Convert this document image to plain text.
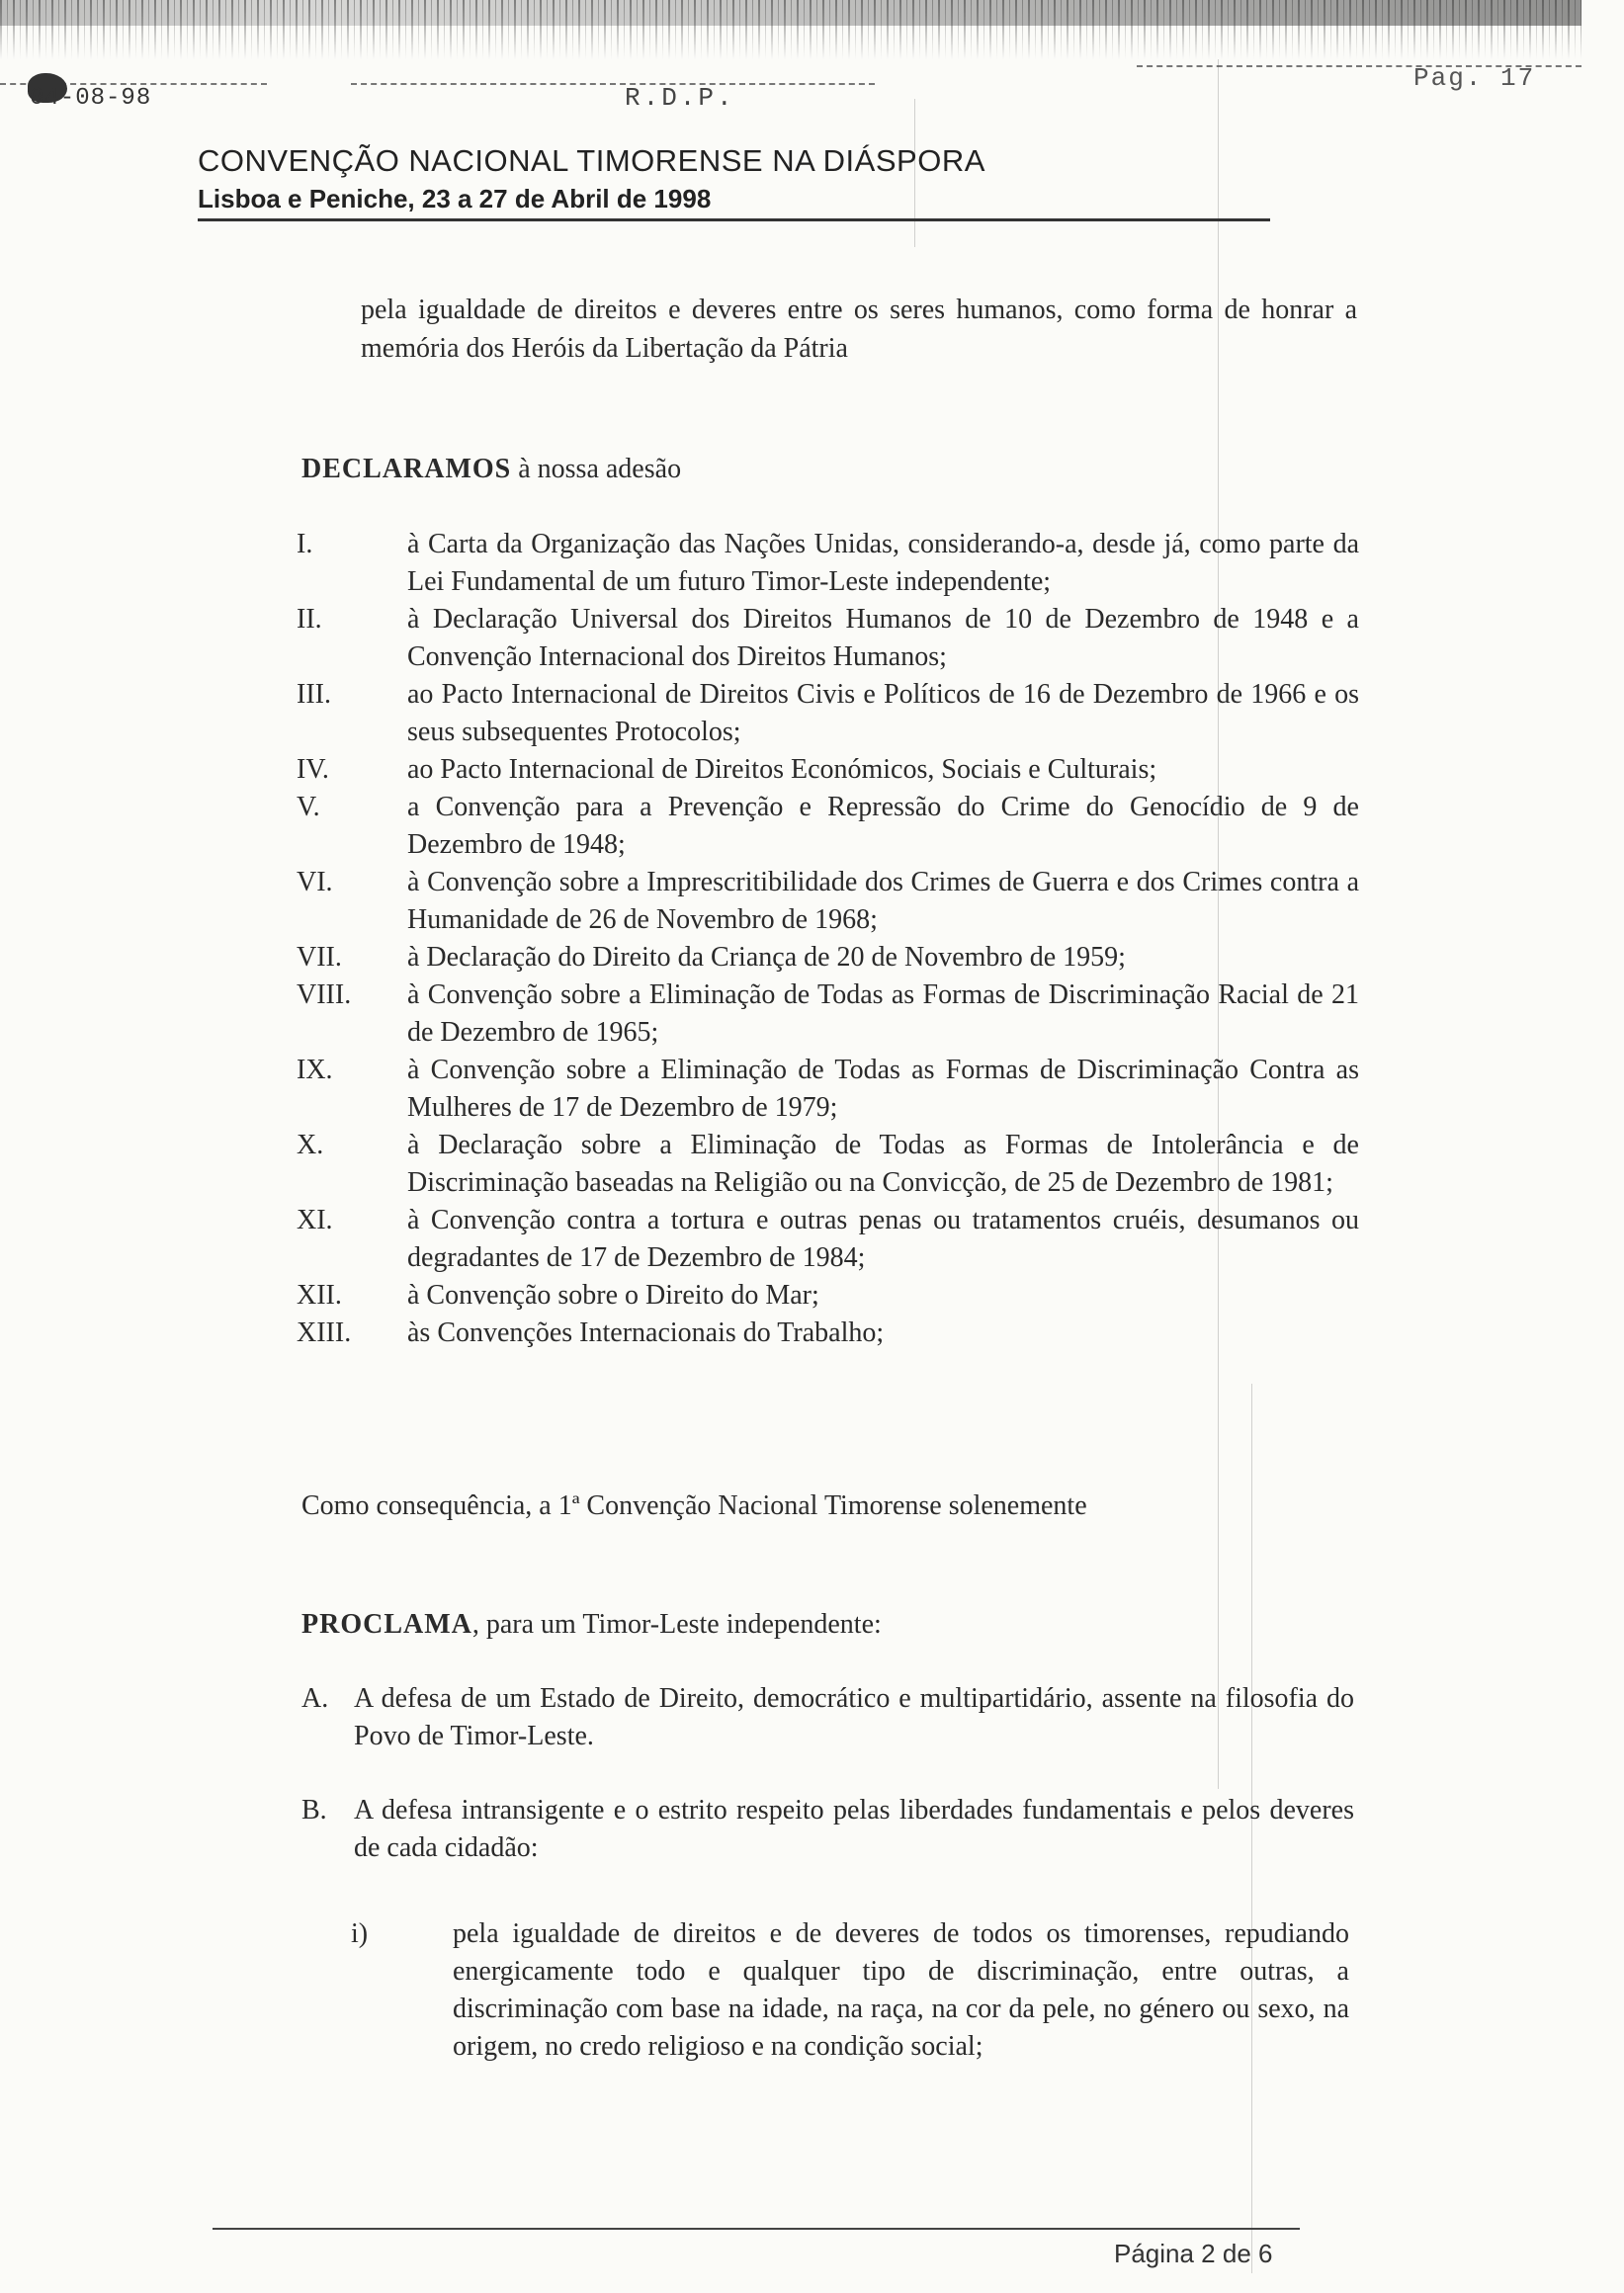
04-08-98	R.D.P.
Pag. 17
CONVENÇÃO NACIONAL TIMORENSE NA DIÁSPORA
Lisboa e Peniche, 23 a 27 de Abril de 1998
pela igualdade de direitos e deveres entre os seres humanos, como forma de honrar a memória dos Heróis da Libertação da Pátria
DECLARAMOS à nossa adesão
I.	à Carta da Organização das Nações Unidas, considerando-a, desde já, como parte da Lei Fundamental de um futuro Timor-Leste independente;
II.	à Declaração Universal dos Direitos Humanos de 10 de Dezembro de 1948 e a Convenção Internacional dos Direitos Humanos;
III.	ao Pacto Internacional de Direitos Civis e Políticos de 16 de Dezembro de 1966 e os seus subsequentes Protocolos;
IV.	ao Pacto Internacional de Direitos Económicos, Sociais e Culturais;
V.	a Convenção para a Prevenção e Repressão do Crime do Genocídio de 9 de Dezembro de 1948;
VI.	à Convenção sobre a Imprescritibilidade dos Crimes de Guerra e dos Crimes contra a Humanidade de 26 de Novembro de 1968;
VII.	à Declaração do Direito da Criança de 20 de Novembro de 1959;
VIII.	à Convenção sobre a Eliminação de Todas as Formas de Discriminação Racial de 21 de Dezembro de 1965;
IX.	à Convenção sobre a Eliminação de Todas as Formas de Discriminação Contra as Mulheres de 17 de Dezembro de 1979;
X.	à Declaração sobre a Eliminação de Todas as Formas de Intolerância e de Discriminação baseadas na Religião ou na Convicção, de 25 de Dezembro de 1981;
XI.	à Convenção contra a tortura e outras penas ou tratamentos cruéis, desumanos ou degradantes de 17 de Dezembro de 1984;
XII.	à Convenção sobre o Direito do Mar;
XIII.	às Convenções Internacionais do Trabalho;
Como consequência, a 1ª Convenção Nacional Timorense solenemente
PROCLAMA, para um Timor-Leste independente:
A. A defesa de um Estado de Direito, democrático e multipartidário, assente na filosofia do Povo de Timor-Leste.
B. A defesa intransigente e o estrito respeito pelas liberdades fundamentais e pelos deveres de cada cidadão:
i)	pela igualdade de direitos e de deveres de todos os timorenses, repudiando energicamente todo e qualquer tipo de discriminação, entre outras, a discriminação com base na idade, na raça, na cor da pele, no género ou sexo, na origem, no credo religioso e na condição social;
Página 2 de 6
